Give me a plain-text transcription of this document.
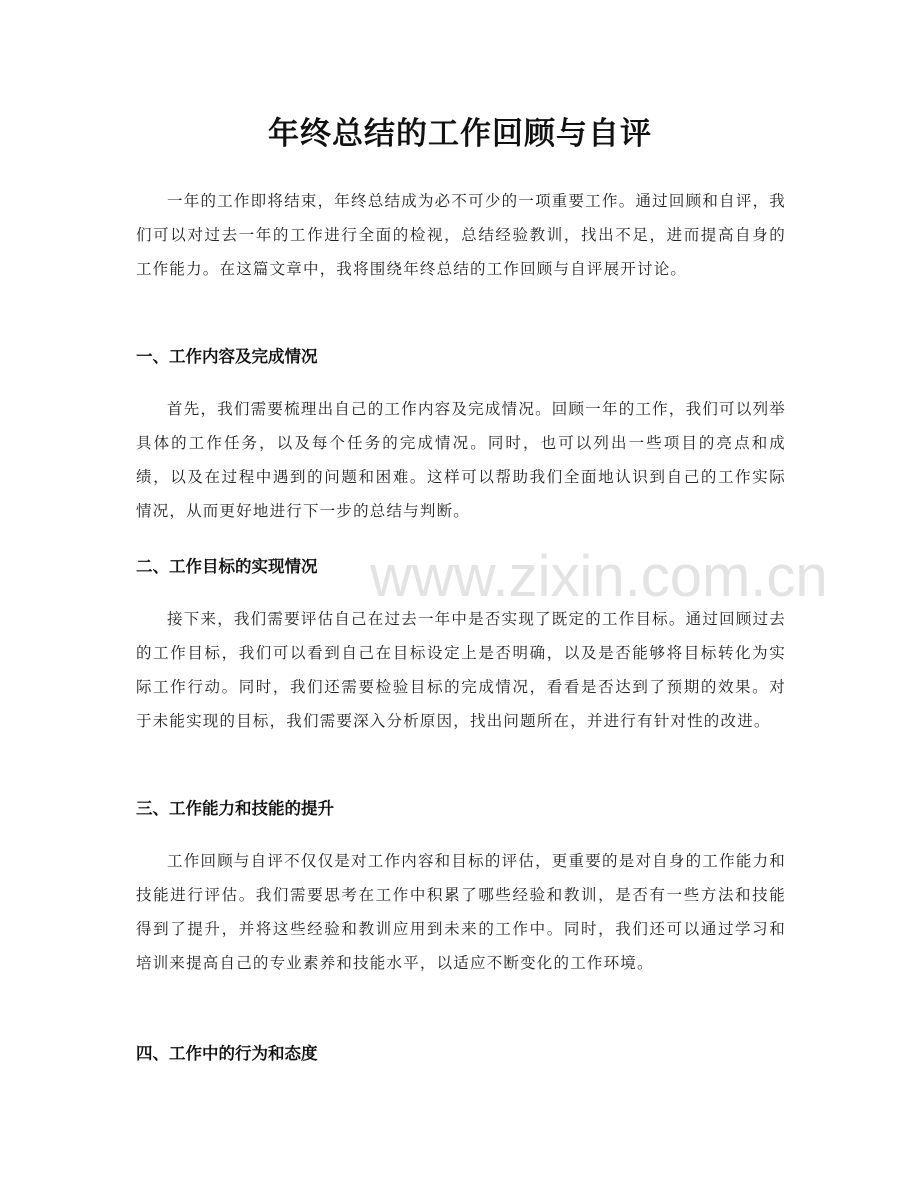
www.zixin.com.cn
年终总结的工作回顾与自评

一年的工作即将结束，年终总结成为必不可少的一项重要工作。通过回顾和自评，我们可以对过去一年的工作进行全面的检视，总结经验教训，找出不足，进而提高自身的工作能力。在这篇文章中，我将围绕年终总结的工作回顾与自评展开讨论。

一、工作内容及完成情况

首先，我们需要梳理出自己的工作内容及完成情况。回顾一年的工作，我们可以列举具体的工作任务，以及每个任务的完成情况。同时，也可以列出一些项目的亮点和成绩，以及在过程中遇到的问题和困难。这样可以帮助我们全面地认识到自己的工作实际情况，从而更好地进行下一步的总结与判断。

二、工作目标的实现情况

接下来，我们需要评估自己在过去一年中是否实现了既定的工作目标。通过回顾过去的工作目标，我们可以看到自己在目标设定上是否明确，以及是否能够将目标转化为实际工作行动。同时，我们还需要检验目标的完成情况，看看是否达到了预期的效果。对于未能实现的目标，我们需要深入分析原因，找出问题所在，并进行有针对性的改进。

三、工作能力和技能的提升

工作回顾与自评不仅仅是对工作内容和目标的评估，更重要的是对自身的工作能力和技能进行评估。我们需要思考在工作中积累了哪些经验和教训，是否有一些方法和技能得到了提升，并将这些经验和教训应用到未来的工作中。同时，我们还可以通过学习和培训来提高自己的专业素养和技能水平，以适应不断变化的工作环境。

四、工作中的行为和态度
